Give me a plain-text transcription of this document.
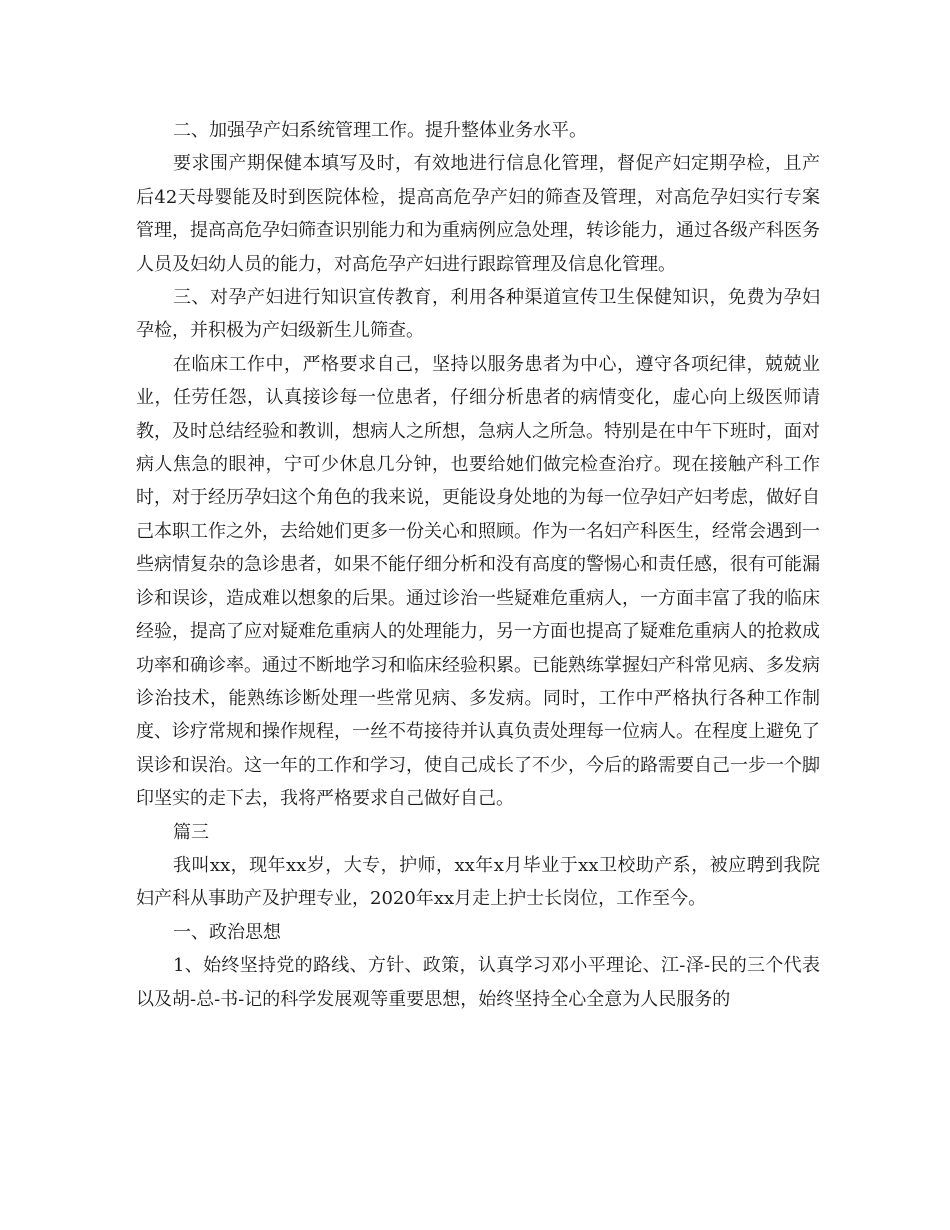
二、加强孕产妇系统管理工作。提升整体业务水平。

要求围产期保健本填写及时，有效地进行信息化管理，督促产妇定期孕检，且产后42天母婴能及时到医院体检，提高高危孕产妇的筛查及管理，对高危孕妇实行专案管理，提高高危孕妇筛查识别能力和为重病例应急处理，转诊能力，通过各级产科医务人员及妇幼人员的能力，对高危孕产妇进行跟踪管理及信息化管理。

三、对孕产妇进行知识宣传教育，利用各种渠道宣传卫生保健知识，免费为孕妇孕检，并积极为产妇级新生儿筛查。

在临床工作中，严格要求自己，坚持以服务患者为中心，遵守各项纪律，兢兢业业，任劳任怨，认真接诊每一位患者，仔细分析患者的病情变化，虚心向上级医师请教，及时总结经验和教训，想病人之所想，急病人之所急。特别是在中午下班时，面对病人焦急的眼神，宁可少休息几分钟，也要给她们做完检查治疗。现在接触产科工作时，对于经历孕妇这个角色的我来说，更能设身处地的为每一位孕妇产妇考虑，做好自己本职工作之外，去给她们更多一份关心和照顾。作为一名妇产科医生，经常会遇到一些病情复杂的急诊患者，如果不能仔细分析和没有高度的警惕心和责任感，很有可能漏诊和误诊，造成难以想象的后果。通过诊治一些疑难危重病人，一方面丰富了我的临床经验，提高了应对疑难危重病人的处理能力，另一方面也提高了疑难危重病人的抢救成功率和确诊率。通过不断地学习和临床经验积累。已能熟练掌握妇产科常见病、多发病诊治技术，能熟练诊断处理一些常见病、多发病。同时，工作中严格执行各种工作制度、诊疗常规和操作规程，一丝不苟接待并认真负责处理每一位病人。在程度上避免了误诊和误治。这一年的工作和学习，使自己成长了不少，今后的路需要自己一步一个脚印坚实的走下去，我将严格要求自己做好自己。

篇三

我叫xx，现年xx岁，大专，护师，xx年x月毕业于xx卫校助产系，被应聘到我院妇产科从事助产及护理专业，2020年xx月走上护士长岗位，工作至今。

一、政治思想

1、始终坚持党的路线、方针、政策，认真学习邓小平理论、江-泽-民的三个代表以及胡-总-书-记的科学发展观等重要思想，始终坚持全心全意为人民服务的
